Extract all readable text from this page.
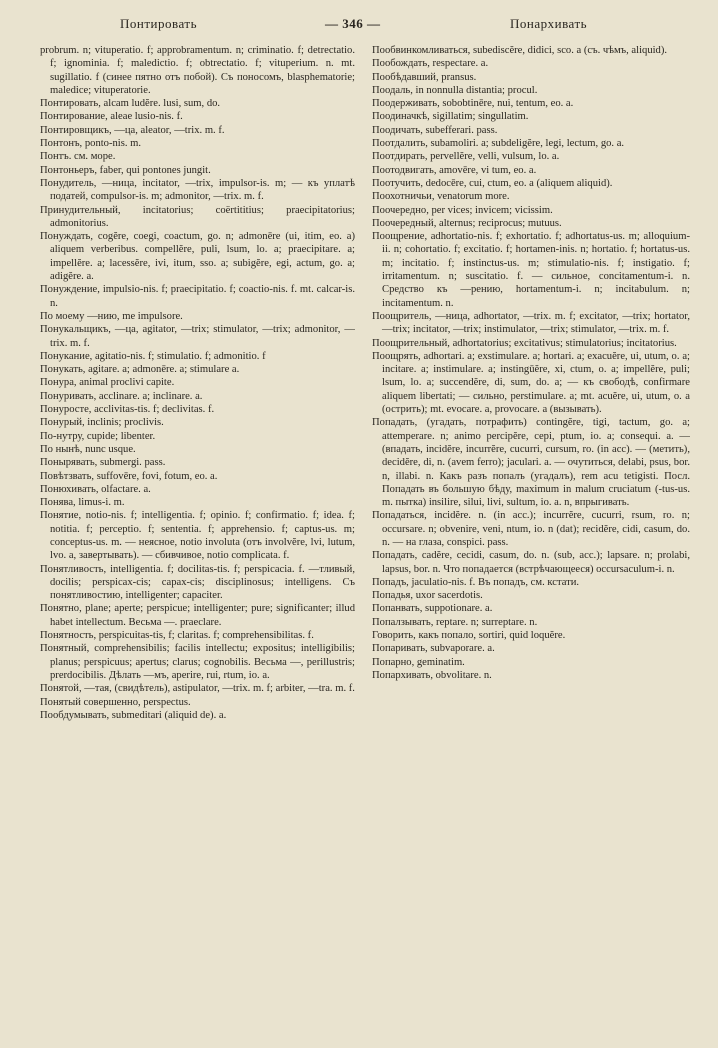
Понтировать	— 346 —	Понархивать

probrum. n; vituperatio. f; approbramentum. n; criminatio. f; detrectatio. f; ignominia. f; maledictio. f; obtrectatio. f; vituperium. n. mt. sugillatio. f (синее пятно отъ побой). Съ поносомъ, blasphematorie; maledice; vituperatorie.

Понтировать, alcam ludĕre. lusi, sum, do.

Понтирование, aleae lusio-nis. f.

Понтировщикъ, —ца, aleator, —trix. m. f.

Понтонъ, ponto-nis. m.

Понтъ. см. море.

Понтоньеръ, faber, qui pontones jungit.

Понудитель, —ница, incitator, —trix, impulsor-is. m; — къ уплатѣ податей, compulsor-is. m; admonitor, —trix. m. f.

Принудительный, incitatorius; coërtititius; praecipitatorius; admonitorius.

Понуждать, cogĕre, coegi, coactum, go. n; admonēre (ui, itim, eo. a) aliquem verberibus. compellĕre, puli, lsum, lo. a; praecipitare. a; impellĕre. a; lacessĕre, ivi, itum, sso. a; subigĕre, egi, actum, go. a; adigĕre. a.

Понуждение, impulsio-nis. f; praecipitatio. f; coactio-nis. f. mt. calcar-is. n.

По моему —нию, me impulsore.

Понукальщикъ, —ца, agitator, —trix; stimulator, —trix; admonitor, —trix. m. f.

Понукание, agitatio-nis. f; stimulatio. f; admonitio. f

Понукать, agitare. a; admonēre. a; stimulare a.

Понура, animal proclivi capite.

Понуривать, acclinare. a; inclinare. a.

Понуросте, acclivitas-tis. f; declivitas. f.

Понурый, inclinis; proclivis.

По-нутру, cupide; libenter.

По нынѣ, nunc usque.

Понырявать, submergi. pass.

Повѣтзвать, suffovēre, fovi, fotum, eo. a.

Понюхивать, olfactare. a.

Понява, limus-i. m.

Понятие, notio-nis. f; intelligentia. f; opinio. f; confirmatio. f; idea. f; notitia. f; perceptio. f; sententia. f; apprehensio. f; captus-us. m; conceptus-us. m. — неясное, notio involuta (отъ involvĕre, lvi, lutum, lvo. a, завертывать). — сбивчивое, notio complicata. f.

Понятливость, intelligentia. f; docilitas-tis. f; perspicacia. f. —тливый, docilis; perspicax-cis; capax-cis; disciplinosus; intelligens. Съ понятливостию, intelligenter; capaciter.

Понятно, plane; aperte; perspicue; intelligenter; pure; significanter; illud habet intellectum. Весьма —. praeclare.

Понятность, perspicuitas-tis, f; claritas. f; comprehensibilitas. f.

Понятный, comprehensibilis; facilis intellectu; expositus; intelligibilis; planus; perspicuus; apertus; clarus; cognobilis. Весьма —, perillustris; prerdocibilis. Дѣлать —мъ, aperire, rui, rtum, io. a.

Понятой, —тая, (свидѣтель), astipulator, —trix. m. f; arbiter, —tra. m. f.

Понятый совершенно, perspectus.

Пообдумывать, submeditari (aliquid de). a.

Пообвинкомливаться, subediscĕre, didici, sco. a (съ. чѣмъ, aliquid).

Пообождать, respectare. a.

Пообѣдавший, pransus.

Поодаль, in nonnulla distantia; procul.

Поодерживать, sobobtinēre, nui, tentum, eo. a.

Поодиначкѣ, sigillatim; singullatim.

Поодичать, subefferari. pass.

Поотдалить, subamoliri. a; subdeligĕre, legi, lectum, go. a.

Поотдирать, pervellĕre, velli, vulsum, lo. a.

Поотодвигать, amovēre, vi tum, eo. a.

Поотучить, dedocēre, cui, ctum, eo. a (aliquem aliquid).

Поохотничьи, venatorum more.

Поочередно, per vices; invicem; vicissim.

Поочередный, alternus; reciprocus; mutuus.

Поощрение, adhortatio-nis. f; exhortatio. f; adhortatus-us. m; alloquium-ii. n; cohortatio. f; excitatio. f; hortamen-inis. n; hortatio. f; hortatus-us. m; incitatio. f; instinctus-us. m; stimulatio-nis. f; instigatio. f; irritamentum. n; suscitatio. f. — сильное, concitamentum-i. n. Средство къ —рению, hortamentum-i. n; incitabulum. n; incitamentum. n.

Поощритель, —ница, adhortator, —trix. m. f; excitator, —trix; hortator, —trix; incitator, —trix; instimulator, —trix; stimulator, —trix. m. f.

Поощрительный, adhortatorius; excitativus; stimulatorius; incitatorius.

Поощрять, adhortari. a; exstimulare. a; hortari. a; exacuĕre, ui, utum, o. a; incitare. a; instimulare. a; instingūĕre, xi, ctum, o. a; impellĕre, puli; lsum, lo. a; succendĕre, di, sum, do. a; — къ свободѣ, confirmare aliquem libertati; — сильно, perstimulare. a; mt. acuĕre, ui, utum, o. a (острить); mt. evocare. a, provocare. a (вызывать).

Попадать, (угадать, потрафить) contingĕre, tigi, tactum, go. a; attemperare. n; animo percipĕre, cepi, ptum, io. a; consequi. a. — (впадать, incidĕre, incurrĕre, cucurri, cursum, ro. (in acc). — (метить), decidĕre, di, n. (avem ferro); jaculari. a. — очутиться, delabi, psus, bor. n, illabi. n. Какъ разъ попалъ (угадалъ), rem acu tetigisti. Посл. Попадать въ большую бѣду, maximum in malum cruciatum (-tus-us. m. пытка) insilire, silui, livi, sultum, io. a. n, впрыгивать.

Попадаться, incidĕre. n. (in acc.); incurrĕre, cucurri, rsum, ro. n; occursare. n; obvenire, veni, ntum, io. n (dat); recidĕre, cidi, casum, do. n. — на глаза, conspici. pass.

Попадать, cadĕre, cecidi, casum, do. n. (sub, acc.); lapsare. n; prolabi, lapsus, bor. n. Что попадается (встрѣчающееся) occursaculum-i. n.

Попадъ, jaculatio-nis. f. Въ попадъ, см. кстати.

Попадья, uxor sacerdotis.

Попанвать, suppotionare. a.

Попалзывать, reptare. n; surreptare. n.

Говорить, какъ попало, sortiri, quid loquĕre.

Попаривать, subvaporare. a.

Попарно, geminatim.

Попархивать, obvolitare. n.
